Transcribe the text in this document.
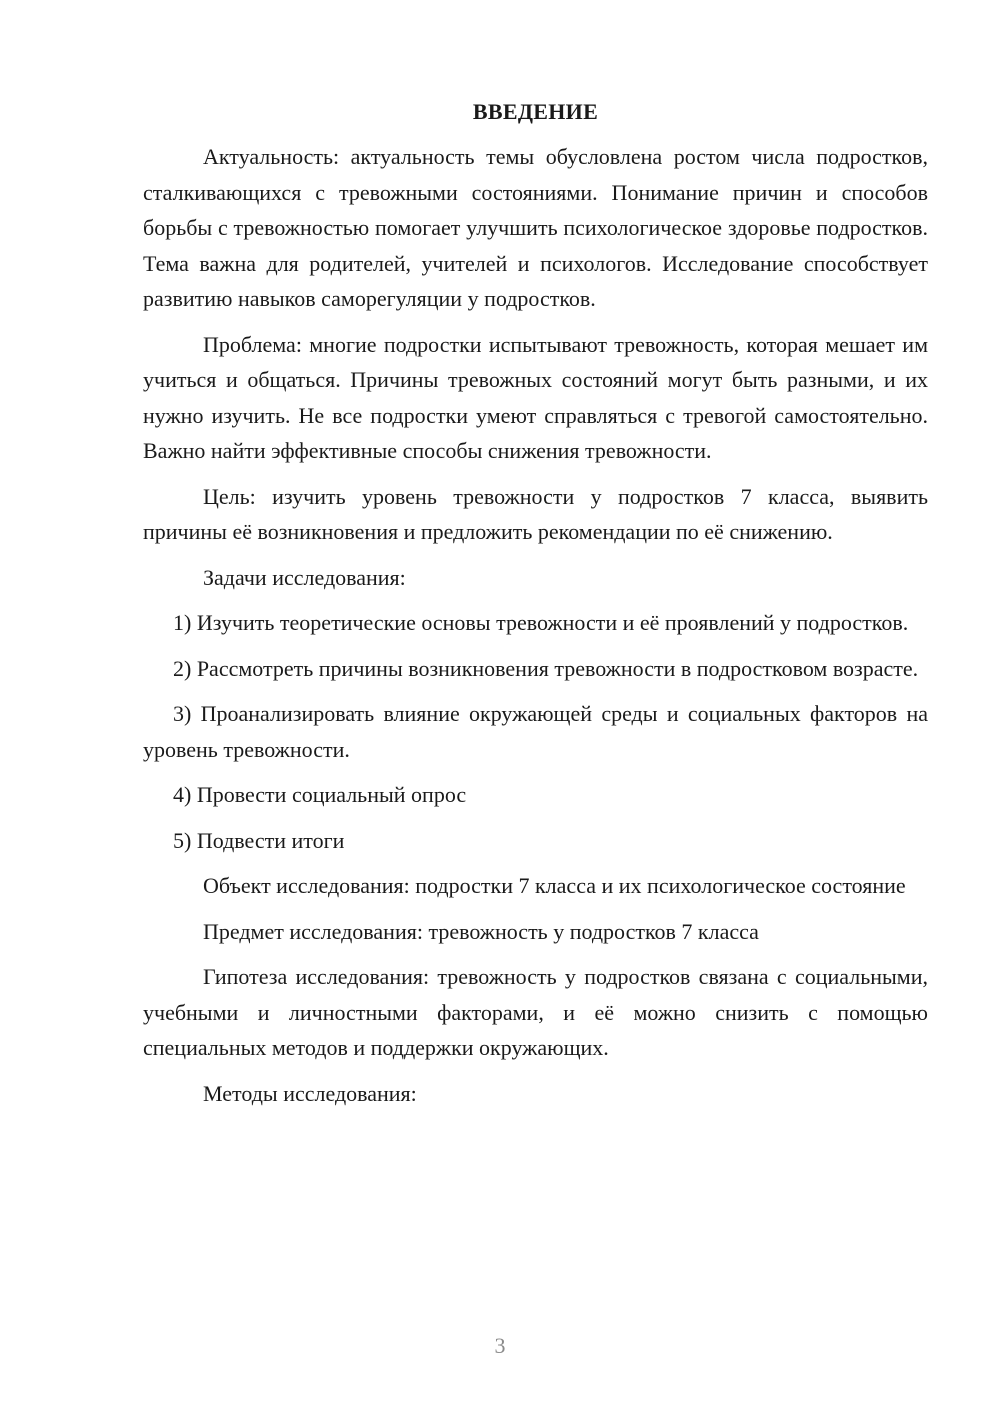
ВВЕДЕНИЕ

Актуальность: актуальность темы обусловлена ростом числа подростков, сталкивающихся с тревожными состояниями. Понимание причин и способов борьбы с тревожностью помогает улучшить психологическое здоровье подростков. Тема важна для родителей, учителей и психологов. Исследование способствует развитию навыков саморегуляции у подростков.

Проблема: многие подростки испытывают тревожность, которая мешает им учиться и общаться. Причины тревожных состояний могут быть разными, и их нужно изучить. Не все подростки умеют справляться с тревогой самостоятельно. Важно найти эффективные способы снижения тревожности.

Цель: изучить уровень тревожности у подростков 7 класса, выявить причины её возникновения и предложить рекомендации по её снижению.

Задачи исследования:

1) Изучить теоретические основы тревожности и её проявлений у подростков.

2) Рассмотреть причины возникновения тревожности в подростковом возрасте.

3) Проанализировать влияние окружающей среды и социальных факторов на уровень тревожности.

4) Провести социальный опрос

5) Подвести итоги

Объект исследования: подростки 7 класса и их психологическое состояние

Предмет исследования: тревожность у подростков 7 класса

Гипотеза исследования: тревожность у подростков связана с социальными, учебными и личностными факторами, и её можно снизить с помощью специальных методов и поддержки окружающих.

Методы исследования:

3
